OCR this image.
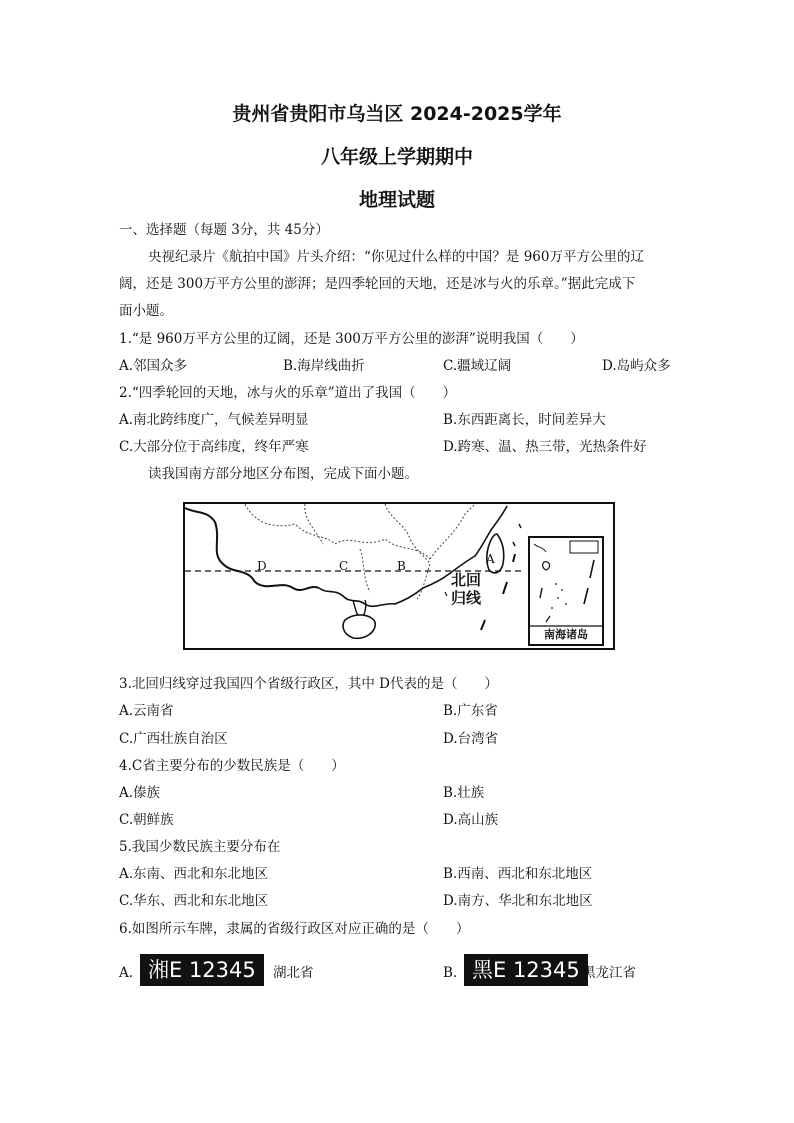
贵州省贵阳市乌当区 2024-2025学年
八年级上学期期中
地理试题
一、选择题（每题 3分，共 45分）
央视纪录片《航拍中国》片头介绍：“你见过什么样的中国？是 960万平方公里的辽
阔，还是 300万平方公里的澎湃；是四季轮回的天地，还是冰与火的乐章。”据此完成下
面小题。
1.“是 960万平方公里的辽阔，还是 300万平方公里的澎湃”说明我国（　　）
A.邻国众多	B.海岸线曲折	C.疆域辽阔	D.岛屿众多
2.“四季轮回的天地，冰与火的乐章”道出了我国（　　）
A.南北跨纬度广，气候差异明显	B.东西距离长，时间差异大
C.大部分位于高纬度，终年严寒	D.跨寒、温、热三带，光热条件好
读我国南方部分地区分布图，完成下面小题。
D	C	B	A
北回
归线
南海诸岛
3.北回归线穿过我国四个省级行政区，其中 D代表的是（　　）
A.云南省	B.广东省
C.广西壮族自治区	D.台湾省
4.C省主要分布的少数民族是（　　）
A.傣族	B.壮族
C.朝鲜族	D.高山族
5.我国少数民族主要分布在
A.东南、西北和东北地区	B.西南、西北和东北地区
C.华东、西北和东北地区	D.南方、华北和东北地区
6.如图所示车牌，隶属的省级行政区对应正确的是（　　）
A. 湘E 12345	湖北省	B. 黑E 12345 黑龙江省
